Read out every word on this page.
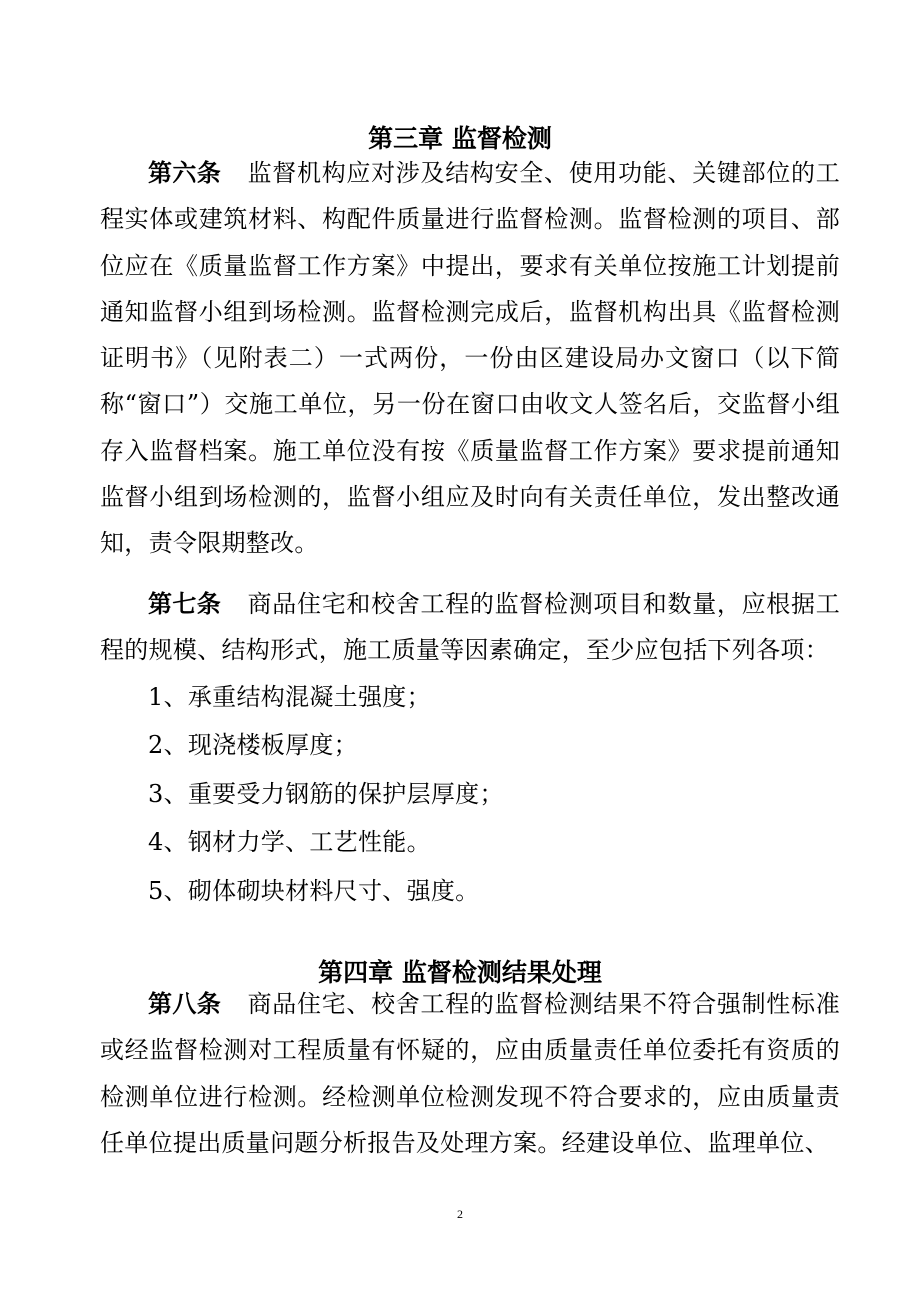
第三章 监督检测
第六条 监督机构应对涉及结构安全、使用功能、关键部位的工程实体或建筑材料、构配件质量进行监督检测。监督检测的项目、部位应在《质量监督工作方案》中提出，要求有关单位按施工计划提前通知监督小组到场检测。监督检测完成后，监督机构出具《监督检测证明书》（见附表二）一式两份，一份由区建设局办文窗口（以下简称“窗口”）交施工单位，另一份在窗口由收文人签名后，交监督小组存入监督档案。施工单位没有按《质量监督工作方案》要求提前通知监督小组到场检测的，监督小组应及时向有关责任单位，发出整改通知，责令限期整改。
第七条 商品住宅和校舍工程的监督检测项目和数量，应根据工程的规模、结构形式，施工质量等因素确定，至少应包括下列各项：
1、承重结构混凝土强度；
2、现浇楼板厚度；
3、重要受力钢筋的保护层厚度；
4、钢材力学、工艺性能。
5、砌体砌块材料尺寸、强度。
第四章 监督检测结果处理
第八条 商品住宅、校舍工程的监督检测结果不符合强制性标准或经监督检测对工程质量有怀疑的，应由质量责任单位委托有资质的检测单位进行检测。经检测单位检测发现不符合要求的，应由质量责任单位提出质量问题分析报告及处理方案。经建设单位、监理单位、
2
